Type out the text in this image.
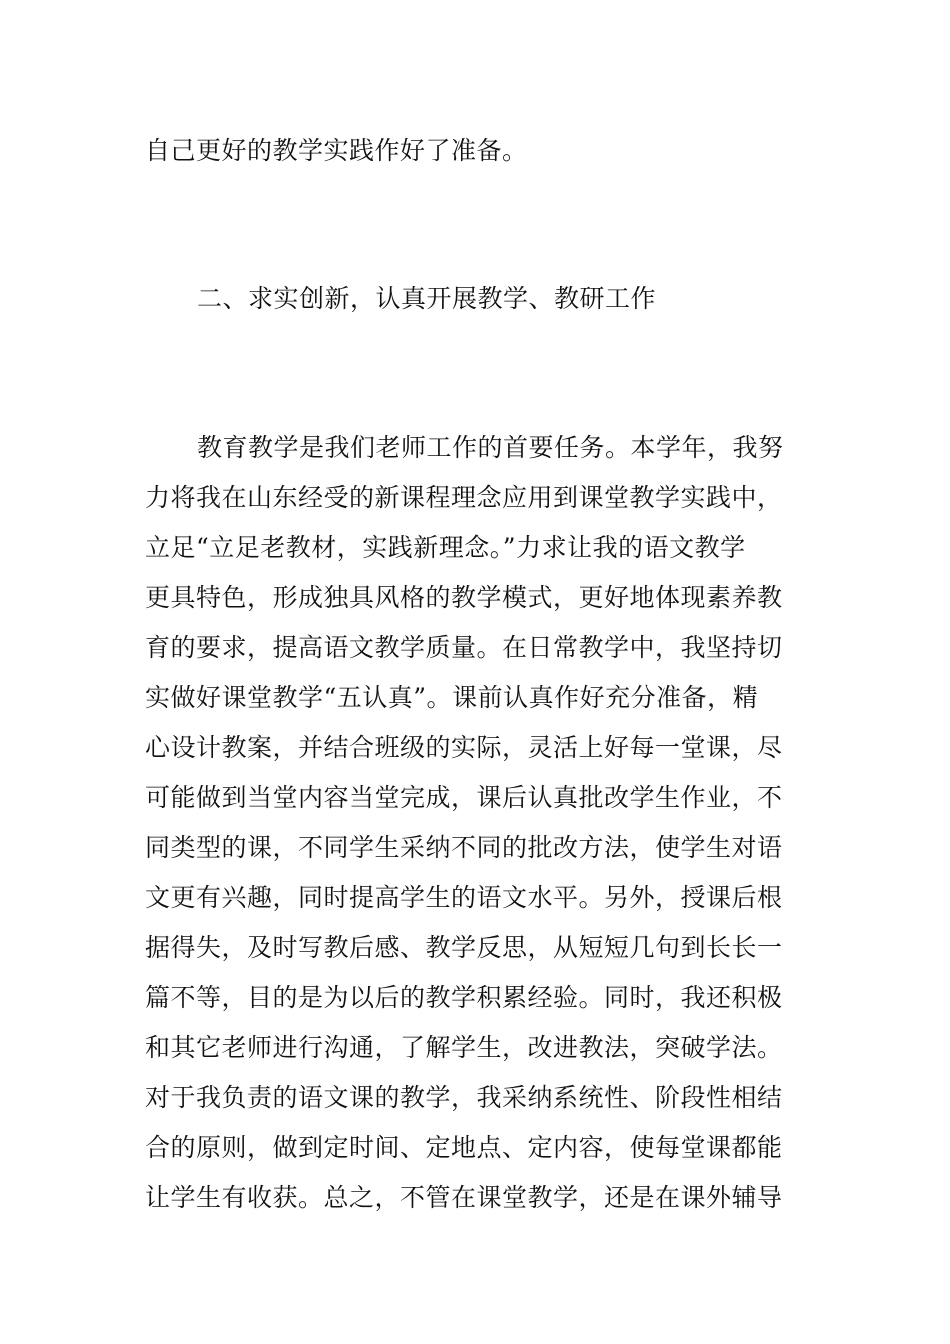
自己更好的教学实践作好了准备。
二、求实创新，认真开展教学、教研工作
教育教学是我们老师工作的首要任务。本学年，我努
力将我在山东经受的新课程理念应用到课堂教学实践中，
立足“立足老教材，实践新理念。”力求让我的语文教学
更具特色，形成独具风格的教学模式，更好地体现素养教
育的要求，提高语文教学质量。在日常教学中，我坚持切
实做好课堂教学“五认真”。课前认真作好充分准备，精
心设计教案，并结合班级的实际，灵活上好每一堂课，尽
可能做到当堂内容当堂完成，课后认真批改学生作业，不
同类型的课，不同学生采纳不同的批改方法，使学生对语
文更有兴趣，同时提高学生的语文水平。另外，授课后根
据得失，及时写教后感、教学反思，从短短几句到长长一
篇不等，目的是为以后的教学积累经验。同时，我还积极
和其它老师进行沟通，了解学生，改进教法，突破学法。
对于我负责的语文课的教学，我采纳系统性、阶段性相结
合的原则，做到定时间、定地点、定内容，使每堂课都能
让学生有收获。总之，不管在课堂教学，还是在课外辅导
